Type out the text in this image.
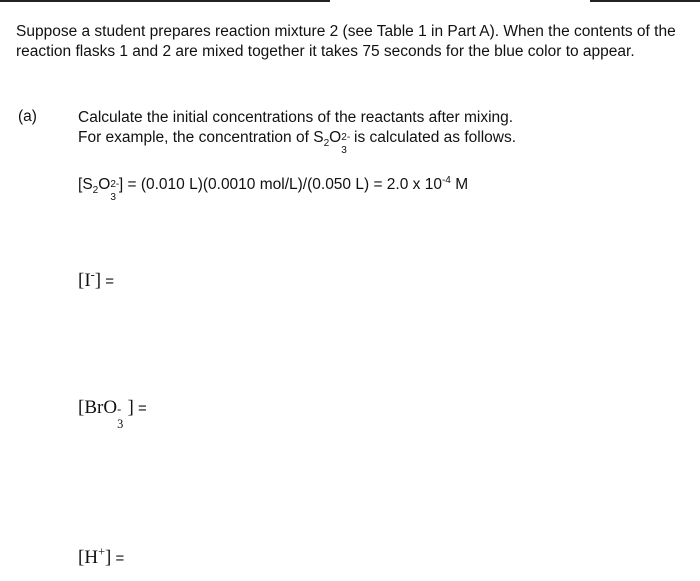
Suppose a student prepares reaction mixture 2 (see Table 1 in Part A). When the contents of the reaction flasks 1 and 2 are mixed together it takes 75 seconds for the blue color to appear.

(a)	Calculate the initial concentrations of the reactants after mixing.
For example, the concentration of $S_2O$ 2-
3
is calculated as follows.
[$S_2O$ 2-
3
] = (0.010 L)(0.0010 mol/L)/(0.050 L) = 2.0 x $10^{-4}$ M
[I-] =
[BrO -
3
] =
[H+] =
